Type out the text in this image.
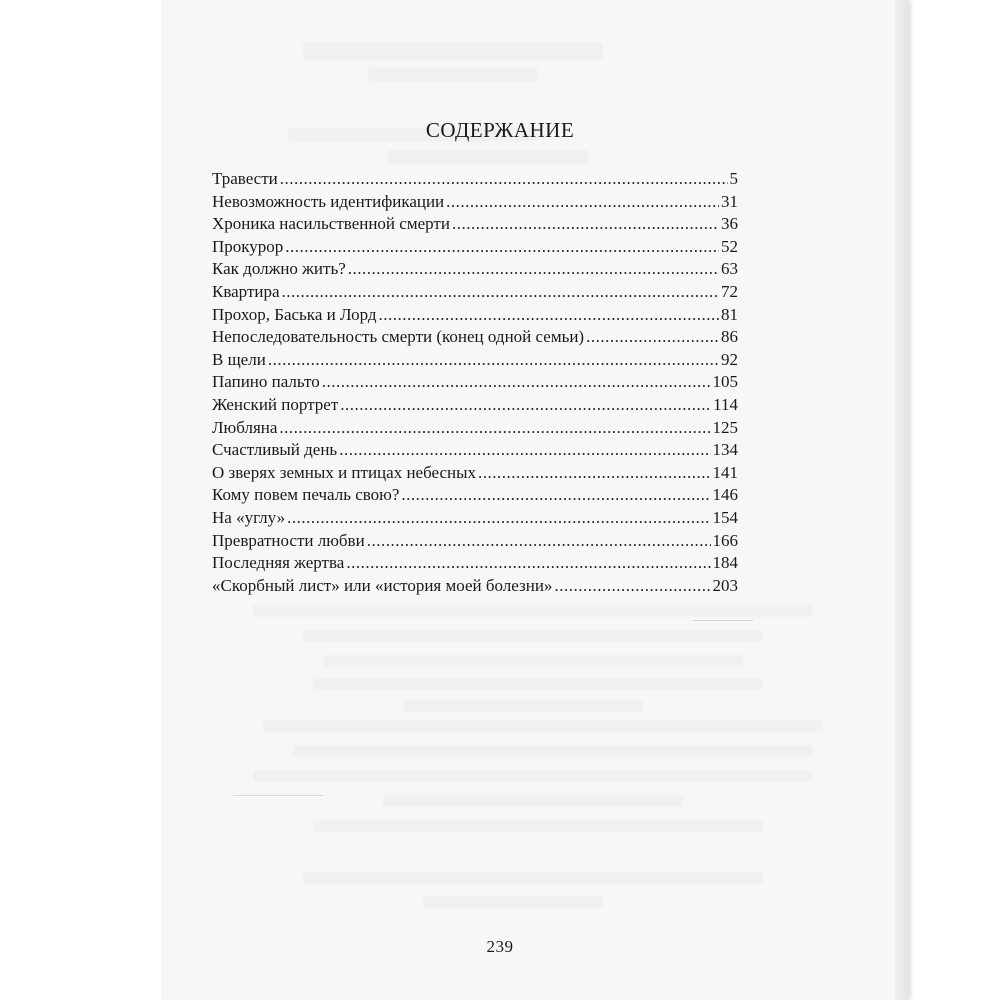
СОДЕРЖАНИЕ
Травести .....	5
Невозможность идентификации .....	31
Хроника насильственной смерти .....	36
Прокурор .....	52
Как должно жить? .....	63
Квартира .....	72
Прохор, Баська и Лорд .....	81
Непоследовательность смерти (конец одной семьи) .....	86
В щели .....	92
Папино пальто .....	105
Женский портрет .....	114
Любляна .....	125
Счастливый день .....	134
О зверях земных и птицах небесных .....	141
Кому повем печаль свою? .....	146
На «углу» .....	154
Превратности любви .....	166
Последняя жертва .....	184
«Скорбный лист» или «история моей болезни» .....	203
239
